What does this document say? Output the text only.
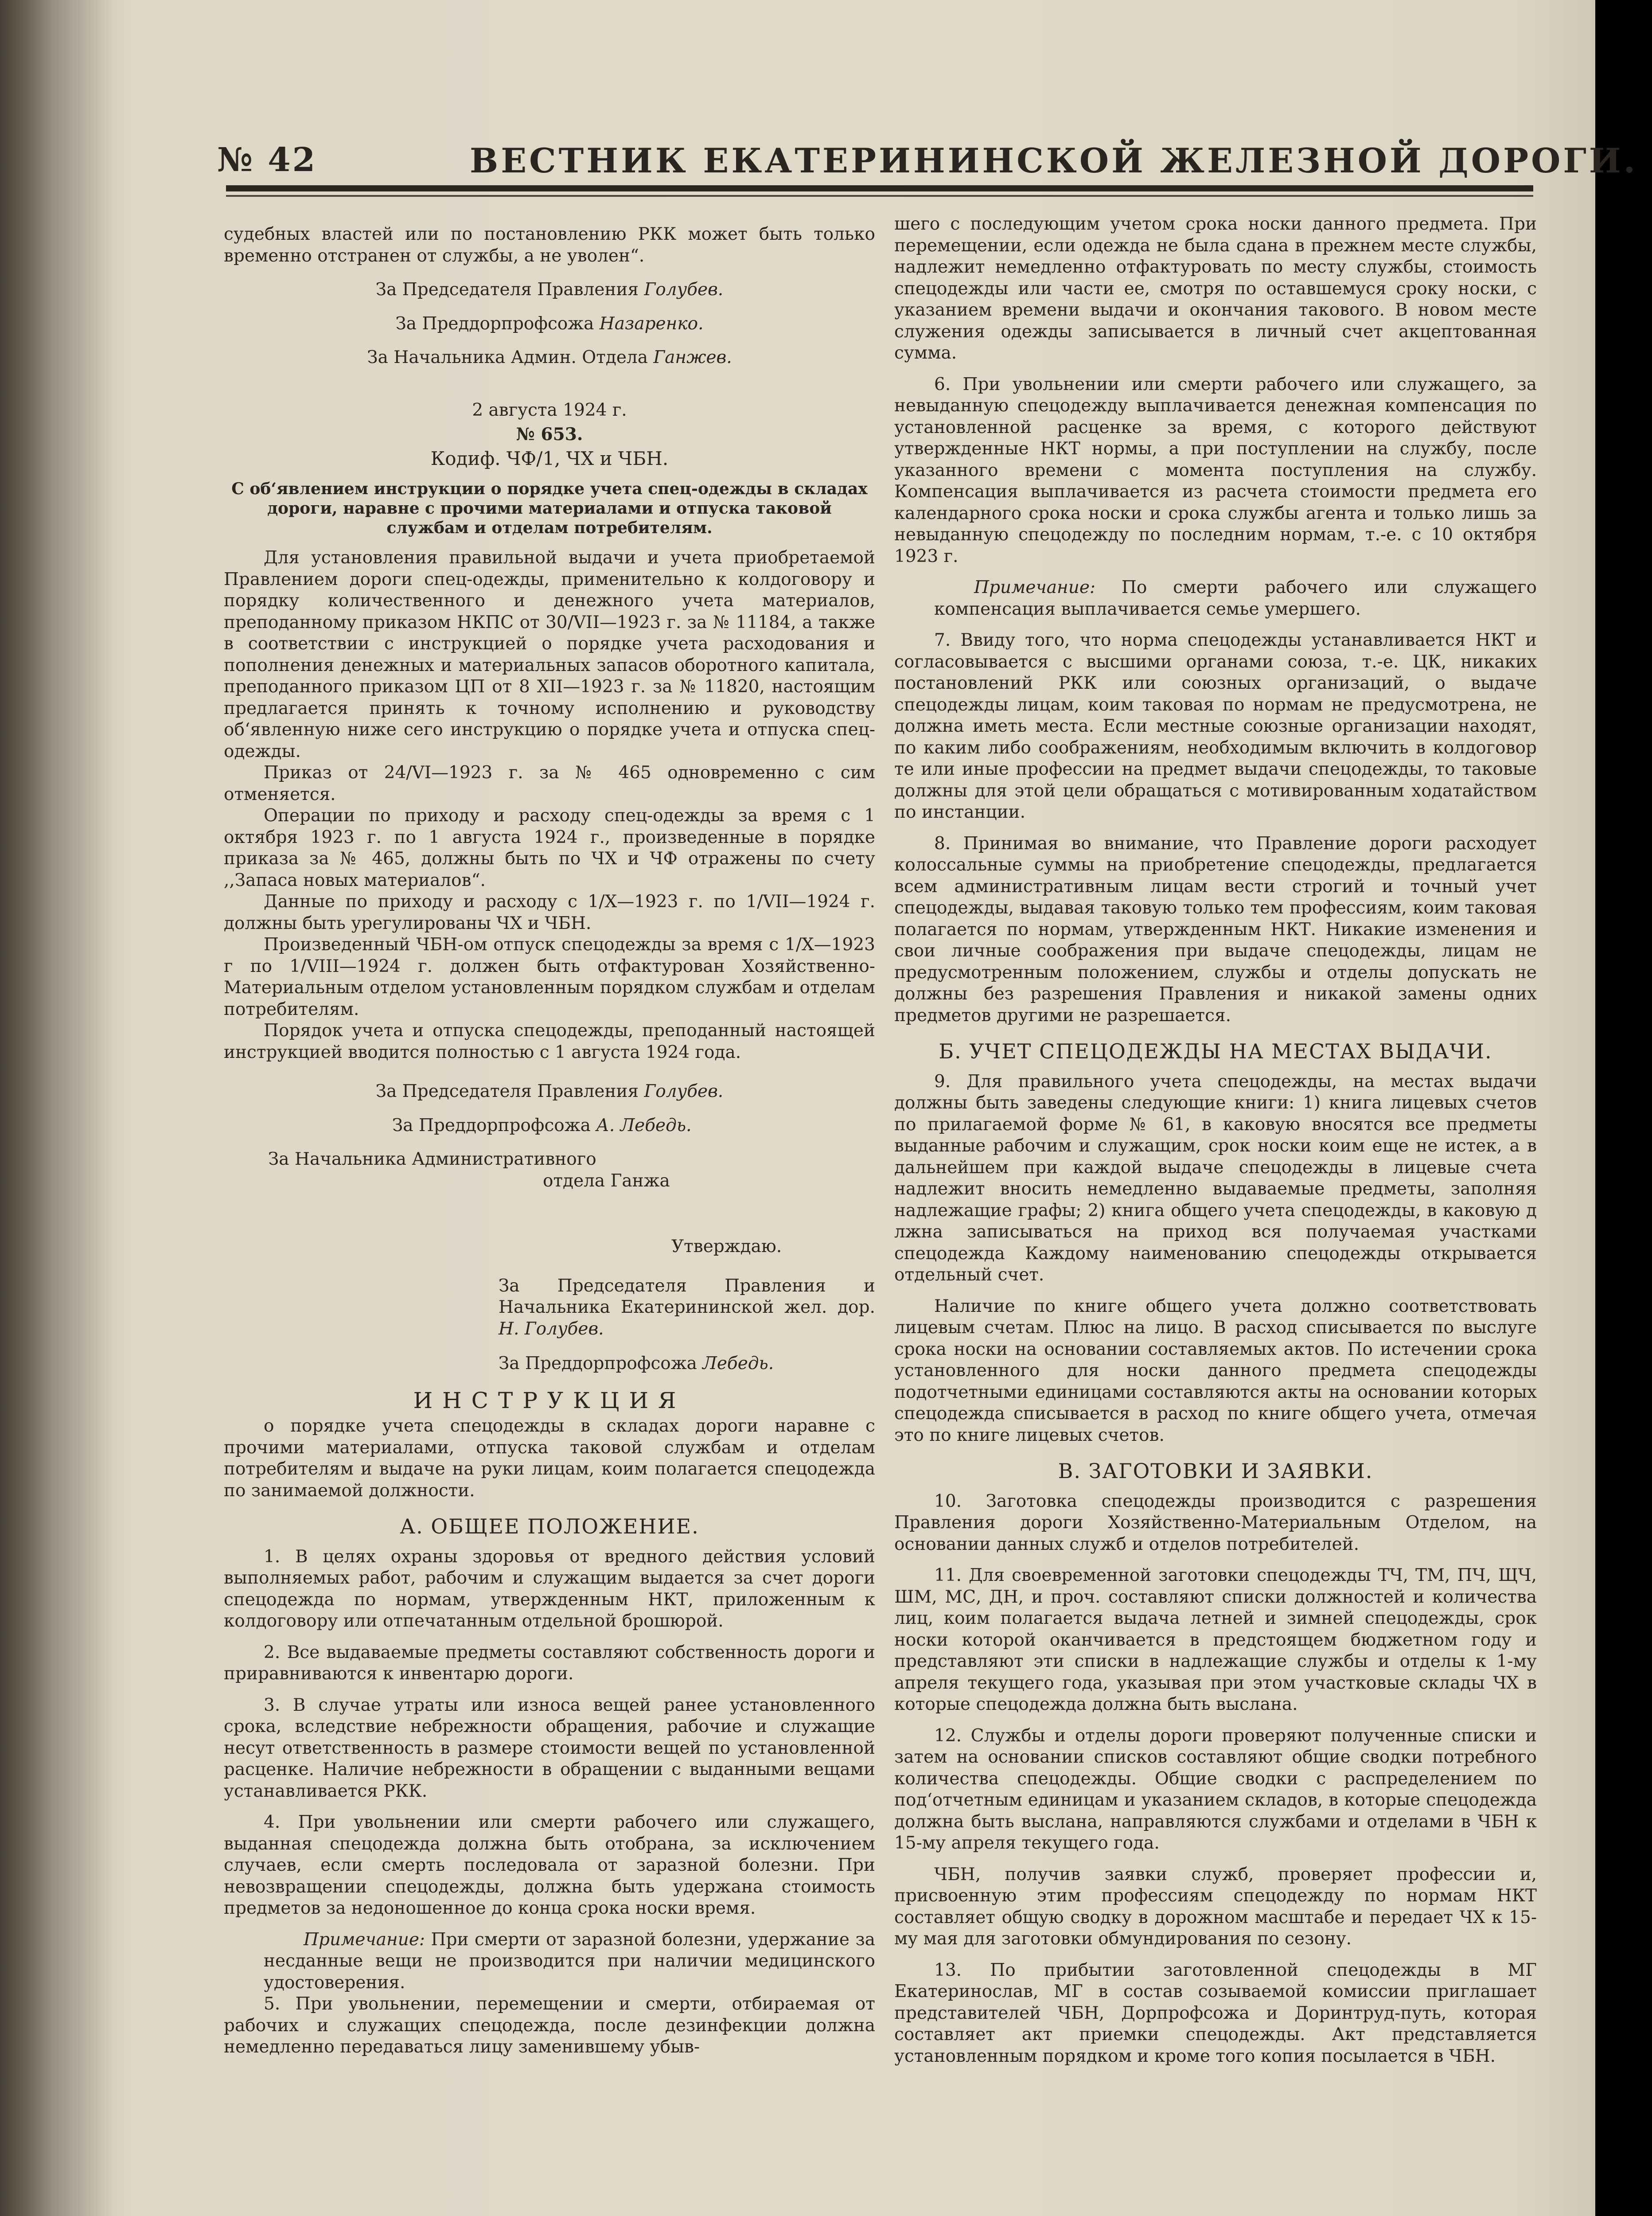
№ 42	ВЕСТНИК ЕКАТЕРИНИНСКОЙ ЖЕЛЕЗНОЙ ДОРОГИ.

судебных властей или по постановлению РКК может быть только временно отстранен от службы, а не уволен“.

За Председателя Правления Голубев.

За Преддорпрофсожа Назаренко.

За Начальника Админ. Отдела Ганжев.

2 августа 1924 г.

№ 653.

Кодиф. ЧФ/1, ЧХ и ЧБН.

С об‘явлением инструкции о порядке учета спец-одежды в складах дороги, наравне с прочими материалами и отпуска таковой службам и отделам потребителям.

Для установления правильной выдачи и учета приобретаемой Правлением дороги спец-одежды, применительно к колдоговору и порядку количественного и денежного учета материалов, преподанному приказом НКПС от 30/VII—1923 г. за № 11184, а также в соответствии с инструкцией о порядке учета расходования и пополнения денежных и материальных запасов оборотного капитала, преподанного приказом ЦП от 8 XII—1923 г. за № 11820, настоящим предлагается принять к точному исполнению и руководству об‘явленную ниже сего инструкцию о порядке учета и отпуска спец-одежды.

Приказ от 24/VI—1923 г. за № 465 одновременно с сим отменяется.

Операции по приходу и расходу спец-одежды за время с 1 октября 1923 г. по 1 августа 1924 г., произведенные в порядке приказа за № 465, должны быть по ЧХ и ЧФ отражены по счету ,,Запаса новых материалов“.

Данные по приходу и расходу с 1/X—1923 г. по 1/VII—1924 г. должны быть урегулированы ЧХ и ЧБН.

Произведенный ЧБН-ом отпуск спецодежды за время с 1/X—1923 г по 1/VIII—1924 г. должен быть отфактурован Хозяйственно-Материальным отделом установленным порядком службам и отделам потребителям.

Порядок учета и отпуска спецодежды, преподанный настоящей инструкцией вводится полностью с 1 августа 1924 года.

За Председателя Правления Голубев.

За Преддорпрофсожа А. Лебедь.

За Начальника Административного

отдела Ганжа

Утверждаю.

За Председателя Правления и Начальника Екатерининской жел. дор. Н. Голубев.

За Преддорпрофсожа Лебедь.

ИНСТРУКЦИЯ

о порядке учета спецодежды в складах дороги наравне с прочими материалами, отпуска таковой службам и отделам потребителям и выдаче на руки лицам, коим полагается спецодежда по занимаемой должности.

А. ОБЩЕЕ ПОЛОЖЕНИЕ.

1. В целях охраны здоровья от вредного действия условий выполняемых работ, рабочим и служащим выдается за счет дороги спецодежда по нормам, утвержденным НКТ, приложенным к колдоговору или отпечатанным отдельной брошюрой.

2. Все выдаваемые предметы составляют собственность дороги и приравниваются к инвентарю дороги.

3. В случае утраты или износа вещей ранее установленного срока, вследствие небрежности обращения, рабочие и служащие несут ответственность в размере стоимости вещей по установленной расценке. Наличие небрежности в обращении с выданными вещами устанавливается РКК.

4. При увольнении или смерти рабочего или служащего, выданная спецодежда должна быть отобрана, за исключением случаев, если смерть последовала от заразной болезни. При невозвращении спецодежды, должна быть удержана стоимость предметов за недоношенное до конца срока носки время.

Примечание: При смерти от заразной болезни, удержание за несданные вещи не производится при наличии медицинского удостоверения.

5. При увольнении, перемещении и смерти, отбираемая от рабочих и служащих спецодежда, после дезинфекции должна немедленно передаваться лицу заменившему убыв-

шего с последующим учетом срока носки данного предмета. При перемещении, если одежда не была сдана в прежнем месте службы, надлежит немедленно отфактуровать по месту службы, стоимость спецодежды или части ее, смотря по оставшемуся сроку носки, с указанием времени выдачи и окончания такового. В новом месте служения одежды записывается в личный счет акцептованная сумма.

6. При увольнении или смерти рабочего или служащего, за невыданную спецодежду выплачивается денежная компенсация по установленной расценке за время, с которого действуют утвержденные НКТ нормы, а при поступлении на службу, после указанного времени с момента поступления на службу. Компенсация выплачивается из расчета стоимости предмета его календарного срока носки и срока службы агента и только лишь за невыданную спецодежду по последним нормам, т.-е. с 10 октября 1923 г.

Примечание: По смерти рабочего или служащего компенсация выплачивается семье умершего.

7. Ввиду того, что норма спецодежды устанавливается НКТ и согласовывается с высшими органами союза, т.-е. ЦК, никаких постановлений РКК или союзных организаций, о выдаче спецодежды лицам, коим таковая по нормам не предусмотрена, не должна иметь места. Если местные союзные организации находят, по каким либо соображениям, необходимым включить в колдоговор те или иные профессии на предмет выдачи спецодежды, то таковые должны для этой цели обращаться с мотивированным ходатайством по инстанции.

8. Принимая во внимание, что Правление дороги расходует колоссальные суммы на приобретение спецодежды, предлагается всем административным лицам вести строгий и точный учет спецодежды, выдавая таковую только тем профессиям, коим таковая полагается по нормам, утвержденным НКТ. Никакие изменения и свои личные соображения при выдаче спецодежды, лицам не предусмотренным положением, службы и отделы допускать не должны без разрешения Правления и никакой замены одних предметов другими не разрешается.

Б. УЧЕТ СПЕЦОДЕЖДЫ НА МЕСТАХ ВЫДАЧИ.

9. Для правильного учета спецодежды, на местах выдачи должны быть заведены следующие книги: 1) книга лицевых счетов по прилагаемой форме № 61, в каковую вносятся все предметы выданные рабочим и служащим, срок носки коим еще не истек, а в дальнейшем при каждой выдаче спецодежды в лицевые счета надлежит вносить немедленно выдаваемые предметы, заполняя надлежащие графы; 2) книга общего учета спецодежды, в каковую д лжна записываться на приход вся получаемая участками спецодежда Каждому наименованию спецодежды открывается отдельный счет.

Наличие по книге общего учета должно соответствовать лицевым счетам. Плюс на лицо. В расход списывается по выслуге срока носки на основании составляемых актов. По истечении срока установленного для носки данного предмета спецодежды подотчетными единицами составляются акты на основании которых спецодежда списывается в расход по книге общего учета, отмечая это по книге лицевых счетов.

В. ЗАГОТОВКИ И ЗАЯВКИ.

10. Заготовка спецодежды производится с разрешения Правления дороги Хозяйственно-Материальным Отделом, на основании данных служб и отделов потребителей.

11. Для своевременной заготовки спецодежды ТЧ, ТМ, ПЧ, ЩЧ, ШМ, МС, ДН, и проч. составляют списки должностей и количества лиц, коим полагается выдача летней и зимней спецодежды, срок носки которой оканчивается в предстоящем бюджетном году и представляют эти списки в надлежащие службы и отделы к 1-му апреля текущего года, указывая при этом участковые склады ЧХ в которые спецодежда должна быть выслана.

12. Службы и отделы дороги проверяют полученные списки и затем на основании списков составляют общие сводки потребного количества спецодежды. Общие сводки с распределением по под‘отчетным единицам и указанием складов, в которые спецодежда должна быть выслана, направляются службами и отделами в ЧБН к 15-му апреля текущего года.

ЧБН, получив заявки служб, проверяет профессии и, присвоенную этим профессиям спецодежду по нормам НКТ составляет общую сводку в дорожном масштабе и передает ЧХ к 15-му мая для заготовки обмундирования по сезону.

13. По прибытии заготовленной спецодежды в МГ Екатеринослав, МГ в состав созываемой комиссии приглашает представителей ЧБН, Дорпрофсожа и Доринтруд-путь, которая составляет акт приемки спецодежды. Акт представляется установленным порядком и кроме того копия посылается в ЧБН.
